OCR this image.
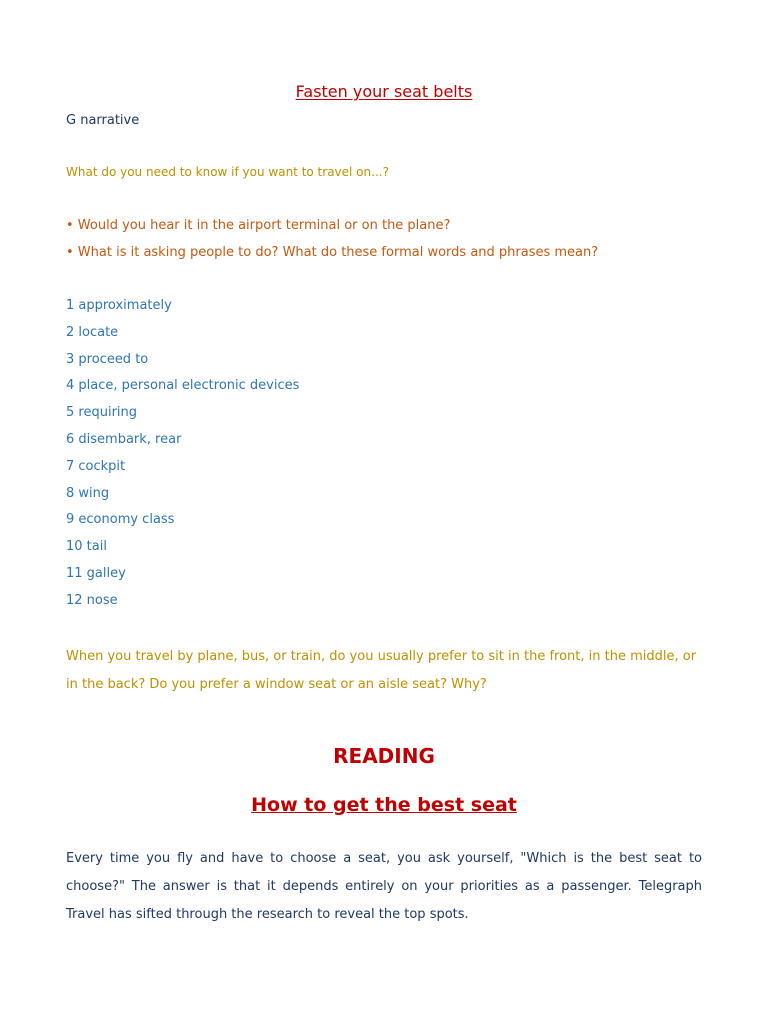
Fasten your seat belts
G narrative
What do you need to know if you want to travel on...?
• Would you hear it in the airport terminal or on the plane?
• What is it asking people to do? What do these formal words and phrases mean?
1 approximately
2 locate
3 proceed to
4 place, personal electronic devices
5 requiring
6 disembark, rear
7 cockpit
8 wing
9 economy class
10 tail
11 galley
12 nose
When you travel by plane, bus, or train, do you usually prefer to sit in the front, in the middle, or in the back? Do you prefer a window seat or an aisle seat? Why?
READING
How to get the best seat
Every time you fly and have to choose a seat, you ask yourself, "Which is the best seat to choose?" The answer is that it depends entirely on your priorities as a passenger. Telegraph Travel has sifted through the research to reveal the top spots.
